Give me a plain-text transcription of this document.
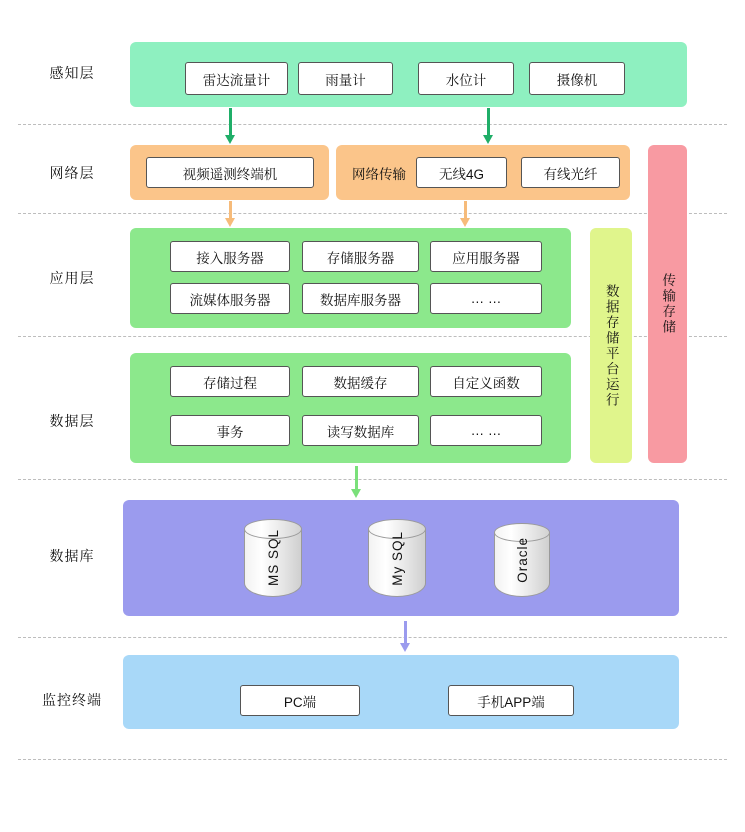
感知层
网络层
应用层
数据层
数据库
监控终端
雷达流量计	雨量计	水位计	摄像机
视频遥测终端机	网络传输	无线4G	有线光纤
接入服务器	存储服务器	应用服务器
流媒体服务器	数据库服务器	… …
存储过程	数据缓存	自定义函数
事务	读写数据库	… …
数据存储平台运行	传输存储
MS SQL	My SQL	Oracle
PC端	手机APP端
